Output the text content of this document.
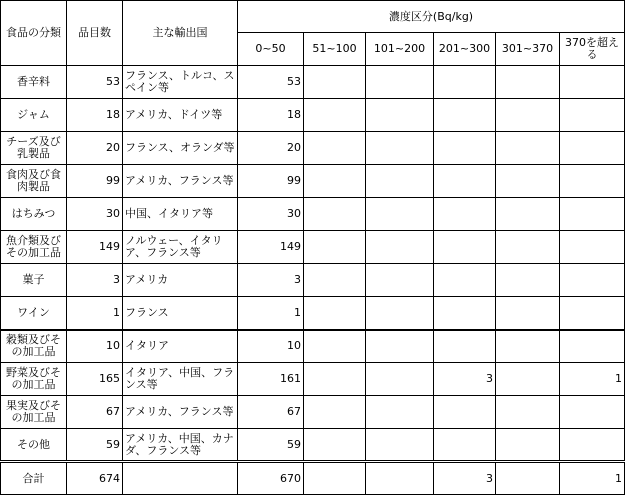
食品の分類	品目数	主な輸出国	濃度区分(Bq/kg)					
			0~50	51~100	101~200	201~300	301~370	370を超える
香辛料	53	フランス、トルコ、スペイン等	53					
ジャム	18	アメリカ、ドイツ等	18					
チーズ及び乳製品	20	フランス、オランダ等	20					
食肉及び食肉製品	99	アメリカ、フランス等	99					
はちみつ	30	中国、イタリア等	30					
魚介類及びその加工品	149	ノルウェー、イタリア、フランス等	149					
菓子	3	アメリカ	3					
ワイン	1	フランス	1					
穀類及びその加工品	10	イタリア	10					
野菜及びその加工品	165	イタリア、中国、フランス等	161			3		1
果実及びその加工品	67	アメリカ、フランス等	67					
その他	59	アメリカ、中国、カナダ、フランス等	59					
合計	674		670			3		1
